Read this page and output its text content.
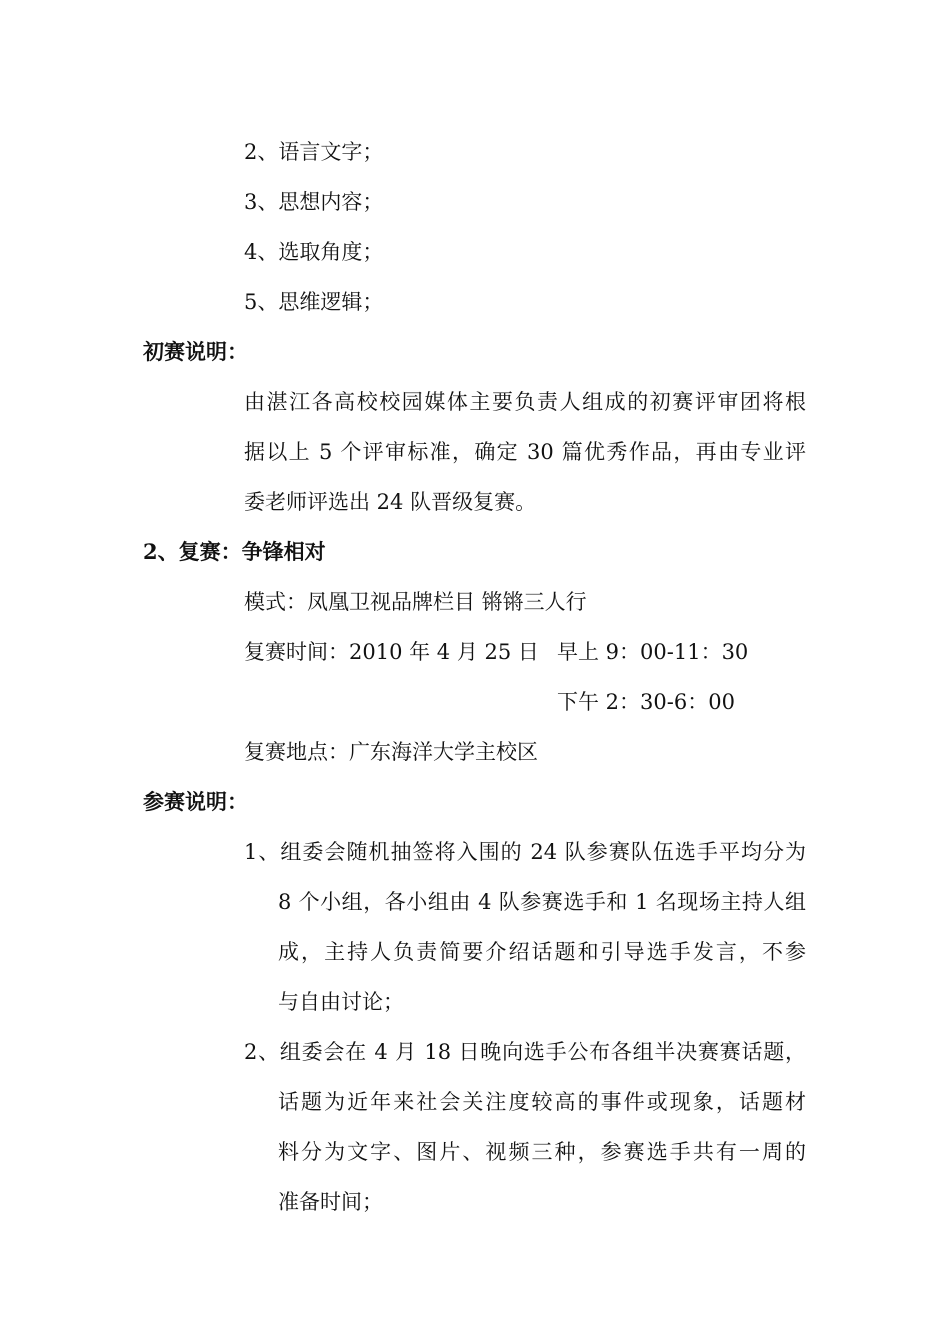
2、语言文字；
3、思想内容；
4、选取角度；
5、思维逻辑；
初赛说明：
由湛江各高校校园媒体主要负责人组成的初赛评审团将根
据以上 5 个评审标准，确定 30 篇优秀作品，再由专业评
委老师评选出 24 队晋级复赛。
2、复赛：争锋相对
模式：凤凰卫视品牌栏目 锵锵三人行
复赛时间：2010 年 4 月 25 日 早上 9：00-11：30
下午 2：30-6：00
复赛地点：广东海洋大学主校区
参赛说明：
1、组委会随机抽签将入围的 24 队参赛队伍选手平均分为
8 个小组，各小组由 4 队参赛选手和 1 名现场主持人组
成，主持人负责简要介绍话题和引导选手发言，不参
与自由讨论；
2、组委会在 4 月 18 日晚向选手公布各组半决赛赛话题，
话题为近年来社会关注度较高的事件或现象，话题材
料分为文字、图片、视频三种，参赛选手共有一周的
准备时间；
